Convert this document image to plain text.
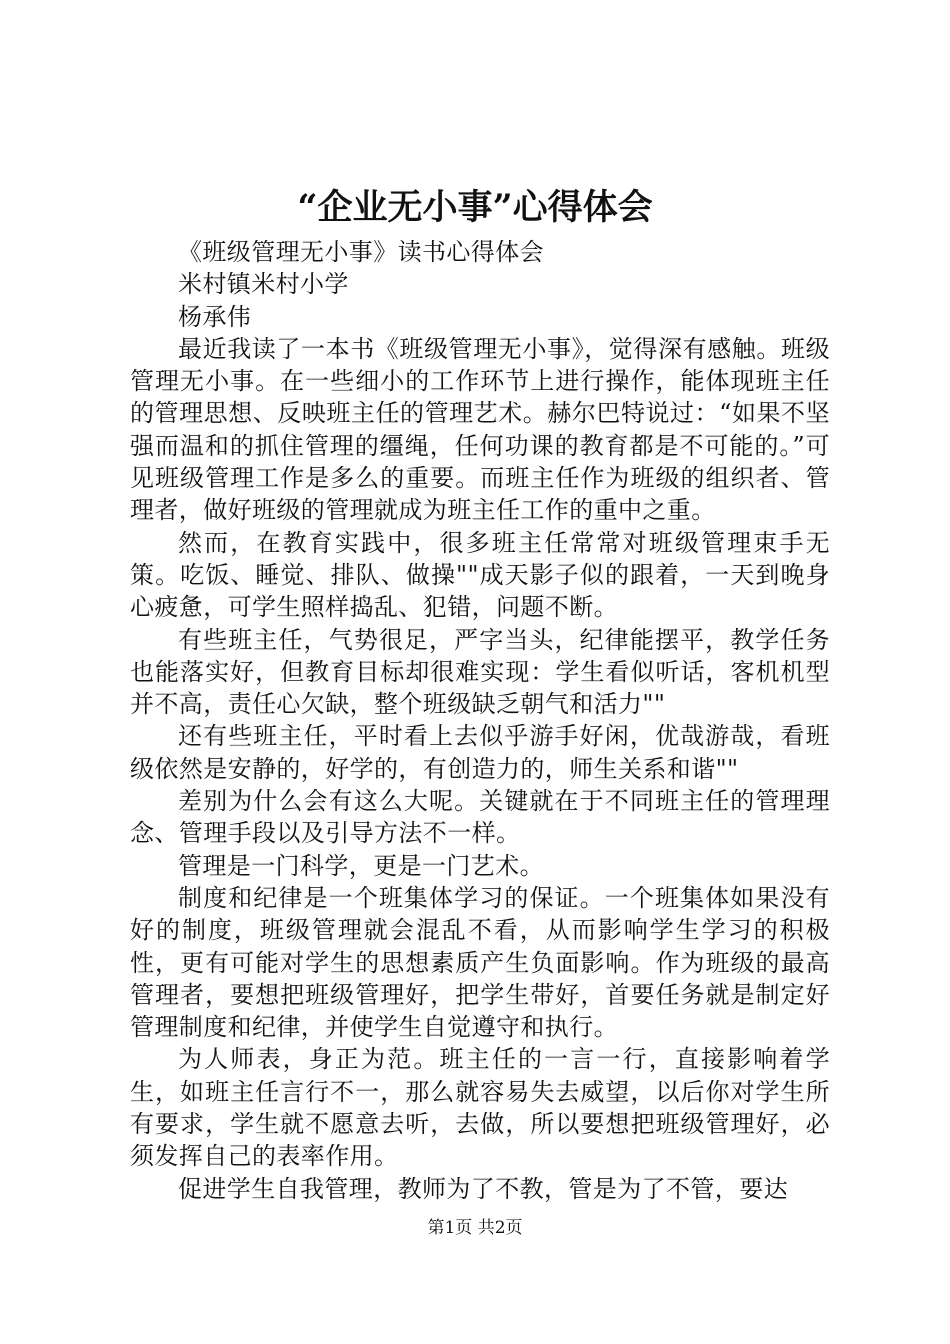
“企业无小事”心得体会

《班级管理无小事》读书心得体会

米村镇米村小学

杨承伟

最近我读了一本书《班级管理无小事》，觉得深有感触。班级管理无小事。在一些细小的工作环节上进行操作，能体现班主任的管理思想、反映班主任的管理艺术。赫尔巴特说过：“如果不坚强而温和的抓住管理的缰绳，任何功课的教育都是不可能的。”可见班级管理工作是多么的重要。而班主任作为班级的组织者、管理者，做好班级的管理就成为班主任工作的重中之重。

然而，在教育实践中，很多班主任常常对班级管理束手无策。吃饭、睡觉、排队、做操""成天影子似的跟着，一天到晚身心疲惫，可学生照样捣乱、犯错，问题不断。

有些班主任，气势很足，严字当头，纪律能摆平，教学任务也能落实好，但教育目标却很难实现：学生看似听话，客机机型并不高，责任心欠缺，整个班级缺乏朝气和活力""

还有些班主任，平时看上去似乎游手好闲，优哉游哉，看班级依然是安静的，好学的，有创造力的，师生关系和谐""

差别为什么会有这么大呢。关键就在于不同班主任的管理理念、管理手段以及引导方法不一样。

管理是一门科学，更是一门艺术。

制度和纪律是一个班集体学习的保证。一个班集体如果没有好的制度，班级管理就会混乱不看，从而影响学生学习的积极性，更有可能对学生的思想素质产生负面影响。作为班级的最高管理者，要想把班级管理好，把学生带好，首要任务就是制定好管理制度和纪律，并使学生自觉遵守和执行。

为人师表，身正为范。班主任的一言一行，直接影响着学生，如班主任言行不一，那么就容易失去威望，以后你对学生所有要求，学生就不愿意去听，去做，所以要想把班级管理好，必须发挥自己的表率作用。

促进学生自我管理，教师为了不教，管是为了不管，要达

第1页 共2页
